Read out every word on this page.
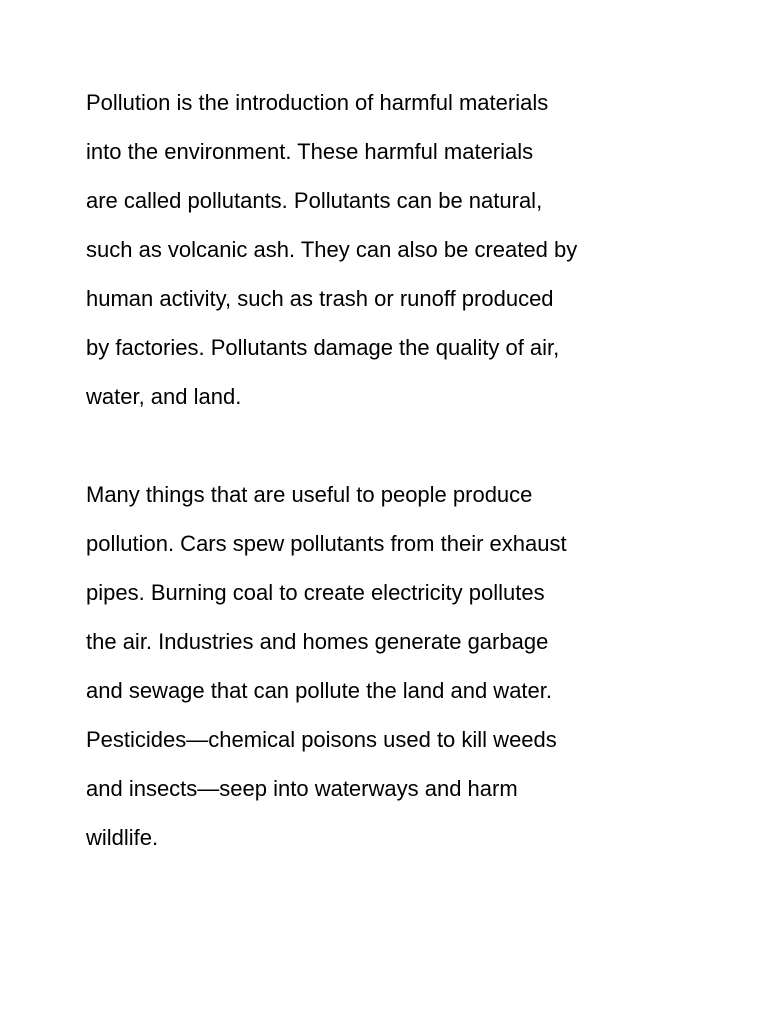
Pollution is the introduction of harmful materials
into the environment. These harmful materials
are called pollutants. Pollutants can be natural,
such as volcanic ash. They can also be created by
human activity, such as trash or runoff produced
by factories. Pollutants damage the quality of air,
water, and land.

Many things that are useful to people produce
pollution. Cars spew pollutants from their exhaust
pipes. Burning coal to create electricity pollutes
the air. Industries and homes generate garbage
and sewage that can pollute the land and water.
Pesticides—chemical poisons used to kill weeds
and insects—seep into waterways and harm
wildlife.
